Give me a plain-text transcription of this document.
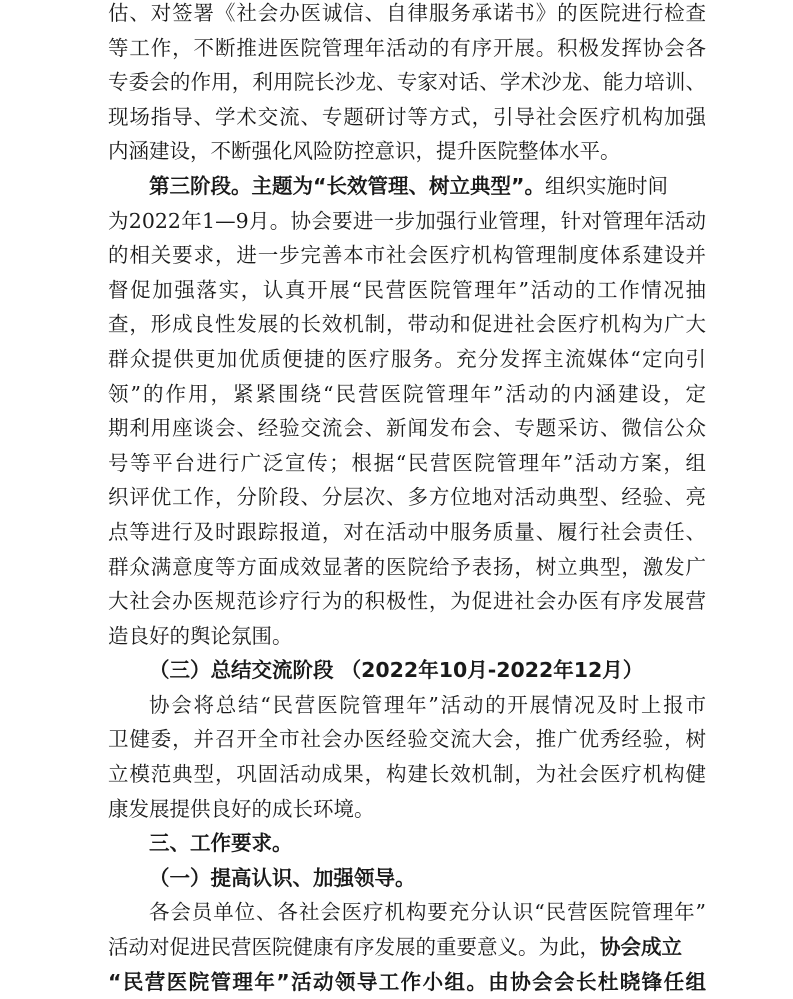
估、对签署《社会办医诚信、自律服务承诺书》的医院进行检查
等工作，不断推进医院管理年活动的有序开展。积极发挥协会各
专委会的作用，利用院长沙龙、专家对话、学术沙龙、能力培训、
现场指导、学术交流、专题研讨等方式，引导社会医疗机构加强
内涵建设，不断强化风险防控意识，提升医院整体水平。
第三阶段。主题为“长效管理、树立典型”。组织实施时间
为2022年1—9月。协会要进一步加强行业管理，针对管理年活动
的相关要求，进一步完善本市社会医疗机构管理制度体系建设并
督促加强落实，认真开展“民营医院管理年”活动的工作情况抽
查，形成良性发展的长效机制，带动和促进社会医疗机构为广大
群众提供更加优质便捷的医疗服务。充分发挥主流媒体“定向引
领”的作用，紧紧围绕“民营医院管理年”活动的内涵建设，定
期利用座谈会、经验交流会、新闻发布会、专题采访、微信公众
号等平台进行广泛宣传；根据“民营医院管理年”活动方案，组
织评优工作，分阶段、分层次、多方位地对活动典型、经验、亮
点等进行及时跟踪报道，对在活动中服务质量、履行社会责任、
群众满意度等方面成效显著的医院给予表扬，树立典型，激发广
大社会办医规范诊疗行为的积极性，为促进社会办医有序发展营
造良好的舆论氛围。
（三）总结交流阶段 （2022年10月-2022年12月）
协会将总结“民营医院管理年”活动的开展情况及时上报市
卫健委，并召开全市社会办医经验交流大会，推广优秀经验，树
立模范典型，巩固活动成果，构建长效机制，为社会医疗机构健
康发展提供良好的成长环境。
三、工作要求。
（一）提高认识、加强领导。
各会员单位、各社会医疗机构要充分认识“民营医院管理年”
活动对促进民营医院健康有序发展的重要意义。为此，协会成立
“民营医院管理年”活动领导工作小组。由协会会长杜晓锋任组
